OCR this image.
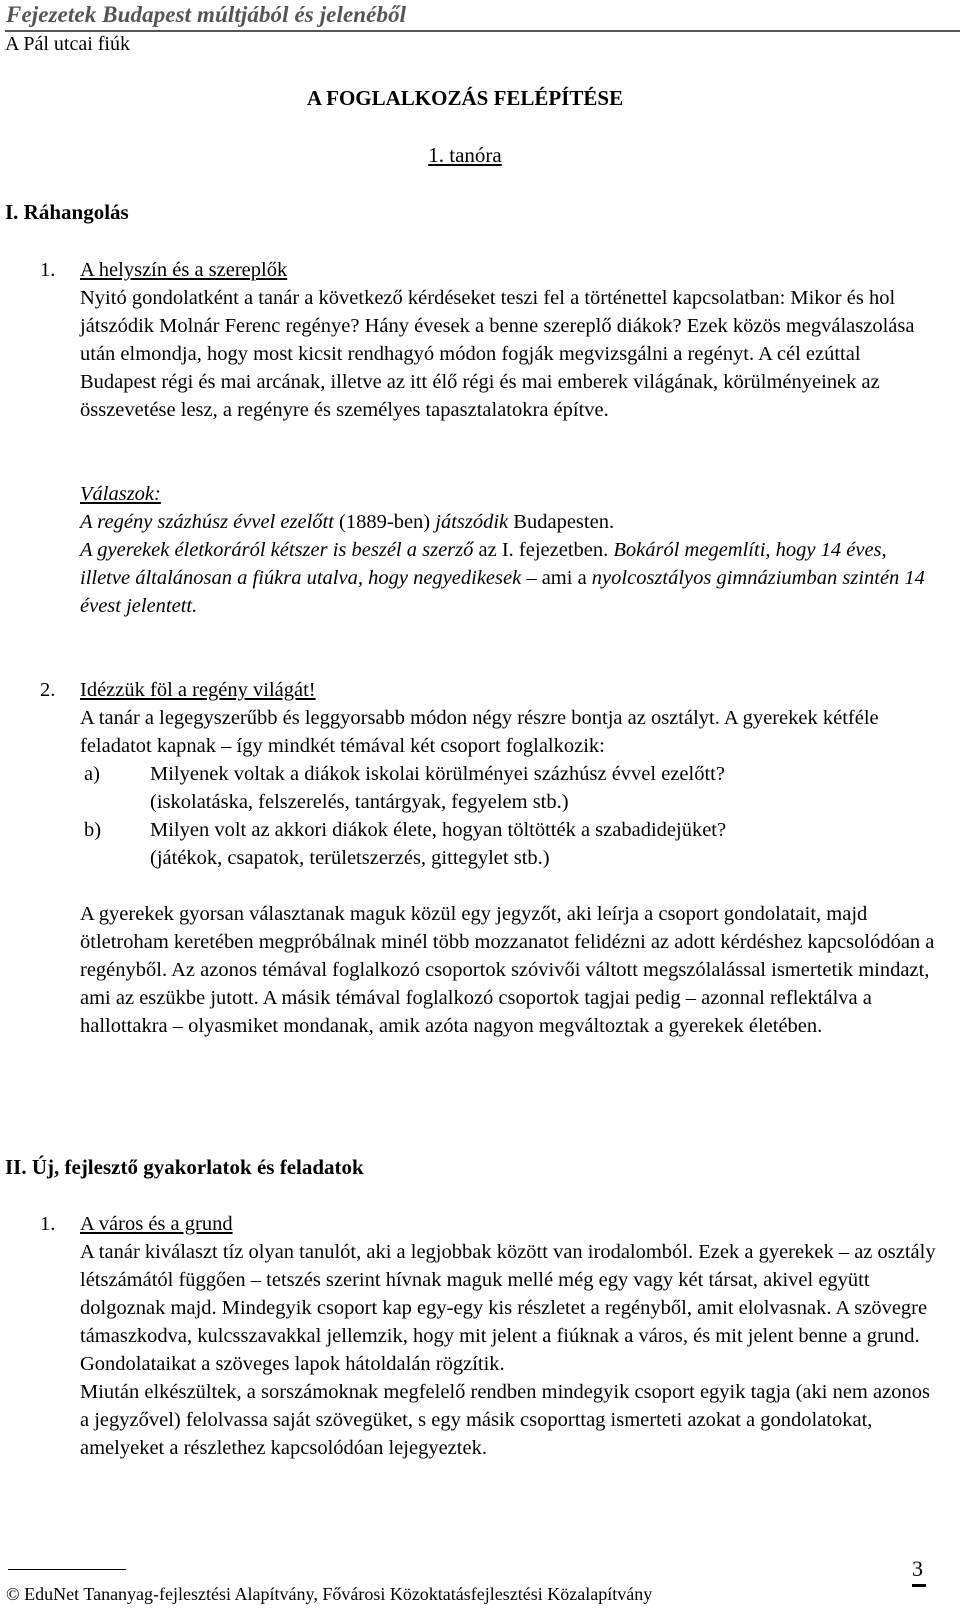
Fejezetek Budapest múltjából és jelenéből
A Pál utcai fiúk
A FOGLALKOZÁS FELÉPÍTÉSE
1. tanóra
I. Ráhangolás
1. A helyszín és a szereplők

Nyitó gondolatként a tanár a következő kérdéseket teszi fel a történettel kapcsolatban: Mikor és hol játszódik Molnár Ferenc regénye? Hány évesek a benne szereplő diákok? Ezek közös megválaszolása után elmondja, hogy most kicsit rendhagyó módon fogják megvizsgálni a regényt. A cél ezúttal Budapest régi és mai arcának, illetve az itt élő régi és mai emberek világának, körülményeinek az összevetése lesz, a regényre és személyes tapasztalatokra építve.

Válaszok:

A regény százhúsz évvel ezelőtt (1889-ben) játszódik Budapesten.

A gyerekek életkoráról kétszer is beszél a szerző az I. fejezetben. Bokáról megemlíti, hogy 14 éves, illetve általánosan a fiúkra utalva, hogy negyedikesek – ami a nyolcosztályos gimnáziumban szintén 14 évest jelentett.

2. Idézzük föl a regény világát!

A tanár a legegyszerűbb és leggyorsabb módon négy részre bontja az osztályt. A gyerekek kétféle feladatot kapnak – így mindkét témával két csoport foglalkozik:

a) Milyenek voltak a diákok iskolai körülményei százhúsz évvel ezelőtt?
(iskolatáska, felszerelés, tantárgyak, fegyelem stb.)
b) Milyen volt az akkori diákok élete, hogyan töltötték a szabadidejüket?
(játékok, csapatok, területszerzés, gittegylet stb.)

A gyerekek gyorsan választanak maguk közül egy jegyzőt, aki leírja a csoport gondolatait, majd ötletroham keretében megpróbálnak minél több mozzanatot felidézni az adott kérdéshez kapcsolódóan a regényből. Az azonos témával foglalkozó csoportok szóvivői váltott megszólalással ismertetik mindazt, ami az eszükbe jutott. A másik témával foglalkozó csoportok tagjai pedig – azonnal reflektálva a hallottakra – olyasmiket mondanak, amik azóta nagyon megváltoztak a gyerekek életében.

II. Új, fejlesztő gyakorlatok és feladatok
1. A város és a grund

A tanár kiválaszt tíz olyan tanulót, aki a legjobbak között van irodalomból. Ezek a gyerekek – az osztály létszámától függően – tetszés szerint hívnak maguk mellé még egy vagy két társat, akivel együtt dolgoznak majd. Mindegyik csoport kap egy-egy kis részletet a regényből, amit elolvasnak. A szövegre támaszkodva, kulcsszavakkal jellemzik, hogy mit jelent a fiúknak a város, és mit jelent benne a grund.

Gondolataikat a szöveges lapok hátoldalán rögzítik.

Miután elkészültek, a sorszámoknak megfelelő rendben mindegyik csoport egyik tagja (aki nem azonos a jegyzővel) felolvassa saját szövegüket, s egy másik csoporttag ismerteti azokat a gondolatokat, amelyeket a részlethez kapcsolódóan lejegyeztek.

© EduNet Tananyag-fejlesztési Alapítvány, Fővárosi Közoktatásfejlesztési Közalapítvány
3
